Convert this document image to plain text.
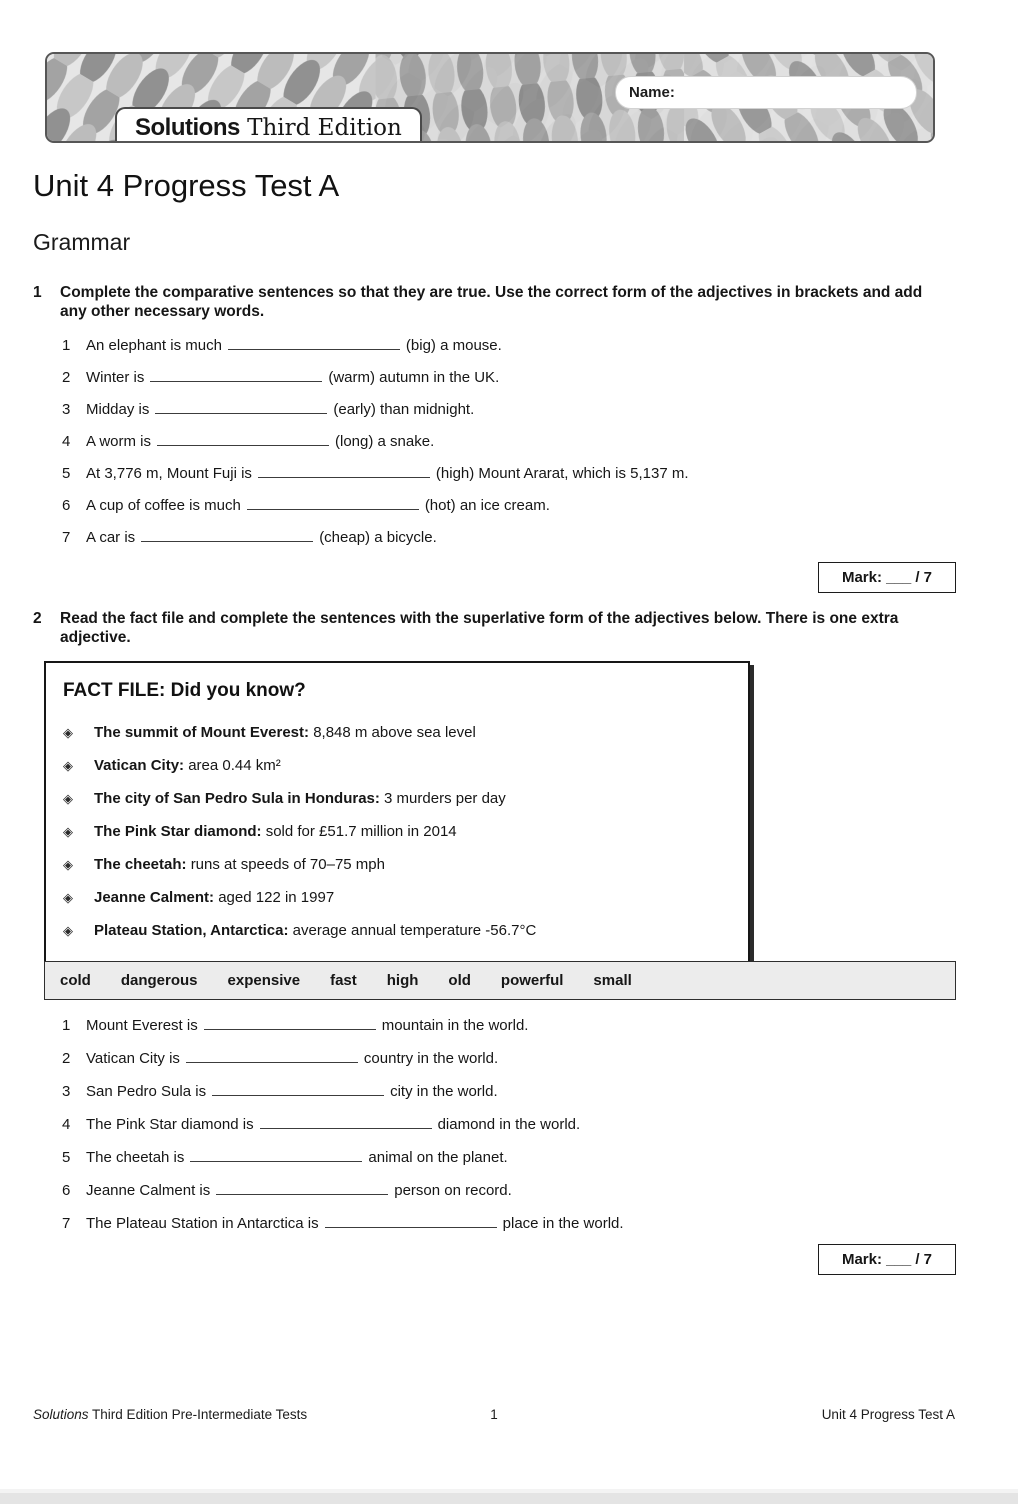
Solutions Third Edition
Name:
Unit 4 Progress Test A
Grammar
1	Complete the comparative sentences so that they are true. Use the correct form of the adjectives in brackets and add any other necessary words.
1	An elephant is much	(big) a mouse.
2	Winter is	(warm) autumn in the UK.
3	Midday is	(early) than midnight.
4	A worm is	(long) a snake.
5	At 3,776 m, Mount Fuji is	(high) Mount Ararat, which is 5,137 m.
6	A cup of coffee is much	(hot) an ice cream.
7	A car is	(cheap) a bicycle.
Mark: ___ / 7
2	Read the fact file and complete the sentences with the superlative form of the adjectives below. There is one extra adjective.
FACT FILE: Did you know?
◈	The summit of Mount Everest: 8,848 m above sea level
◈	Vatican City: area 0.44 km²
◈	The city of San Pedro Sula in Honduras: 3 murders per day
◈	The Pink Star diamond: sold for £51.7 million in 2014
◈	The cheetah: runs at speeds of 70–75 mph
◈	Jeanne Calment: aged 122 in 1997
◈	Plateau Station, Antarctica: average annual temperature -56.7°C
cold dangerous expensive fast high old powerful small
1	Mount Everest is	mountain in the world.
2	Vatican City is	country in the world.
3	San Pedro Sula is	city in the world.
4	The Pink Star diamond is	diamond in the world.
5	The cheetah is	animal on the planet.
6	Jeanne Calment is	person on record.
7	The Plateau Station in Antarctica is	place in the world.
Mark: ___ / 7
Solutions Third Edition Pre-Intermediate Tests	1	Unit 4 Progress Test A
